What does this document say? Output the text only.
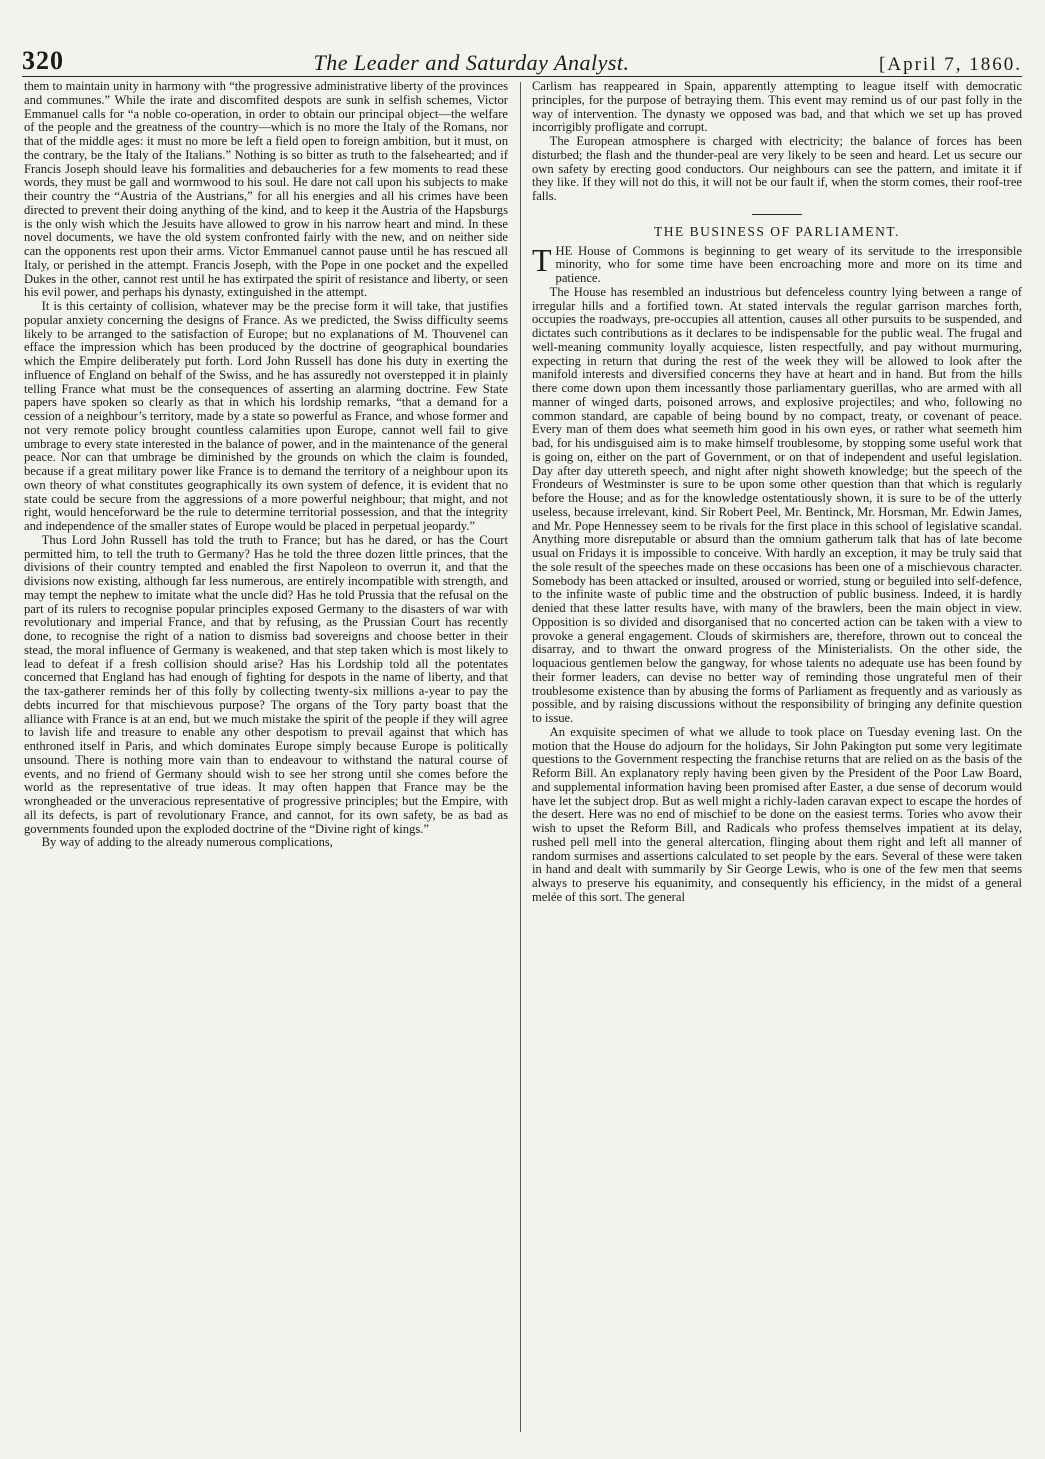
320	The Leader and Saturday Analyst.	[April 7, 1860.

them to maintain unity in harmony with “the progressive administrative liberty of the provinces and communes.” While the irate and discomfited despots are sunk in selfish schemes, Victor Emmanuel calls for “a noble co-operation, in order to obtain our principal object—the welfare of the people and the greatness of the country—which is no more the Italy of the Romans, nor that of the middle ages: it must no more be left a field open to foreign ambition, but it must, on the contrary, be the Italy of the Italians.” Nothing is so bitter as truth to the falsehearted; and if Francis Joseph should leave his formalities and debaucheries for a few moments to read these words, they must be gall and wormwood to his soul. He dare not call upon his subjects to make their country the “Austria of the Austrians,” for all his energies and all his crimes have been directed to prevent their doing anything of the kind, and to keep it the Austria of the Hapsburgs is the only wish which the Jesuits have allowed to grow in his narrow heart and mind. In these novel documents, we have the old system confronted fairly with the new, and on neither side can the opponents rest upon their arms. Victor Emmanuel cannot pause until he has rescued all Italy, or perished in the attempt. Francis Joseph, with the Pope in one pocket and the expelled Dukes in the other, cannot rest until he has extirpated the spirit of resistance and liberty, or seen his evil power, and perhaps his dynasty, extinguished in the attempt.

It is this certainty of collision, whatever may be the precise form it will take, that justifies popular anxiety concerning the designs of France. As we predicted, the Swiss difficulty seems likely to be arranged to the satisfaction of Europe; but no explanations of M. Thouvenel can efface the impression which has been produced by the doctrine of geographical boundaries which the Empire deliberately put forth. Lord John Russell has done his duty in exerting the influence of England on behalf of the Swiss, and he has assuredly not overstepped it in plainly telling France what must be the consequences of asserting an alarming doctrine. Few State papers have spoken so clearly as that in which his lordship remarks, “that a demand for a cession of a neighbour’s territory, made by a state so powerful as France, and whose former and not very remote policy brought countless calamities upon Europe, cannot well fail to give umbrage to every state interested in the balance of power, and in the maintenance of the general peace. Nor can that umbrage be diminished by the grounds on which the claim is founded, because if a great military power like France is to demand the territory of a neighbour upon its own theory of what constitutes geographically its own system of defence, it is evident that no state could be secure from the aggressions of a more powerful neighbour; that might, and not right, would henceforward be the rule to determine territorial possession, and that the integrity and independence of the smaller states of Europe would be placed in perpetual jeopardy.”

Thus Lord John Russell has told the truth to France; but has he dared, or has the Court permitted him, to tell the truth to Germany? Has he told the three dozen little princes, that the divisions of their country tempted and enabled the first Napoleon to overrun it, and that the divisions now existing, although far less numerous, are entirely incompatible with strength, and may tempt the nephew to imitate what the uncle did? Has he told Prussia that the refusal on the part of its rulers to recognise popular principles exposed Germany to the disasters of war with revolutionary and imperial France, and that by refusing, as the Prussian Court has recently done, to recognise the right of a nation to dismiss bad sovereigns and choose better in their stead, the moral influence of Germany is weakened, and that step taken which is most likely to lead to defeat if a fresh collision should arise? Has his Lordship told all the potentates concerned that England has had enough of fighting for despots in the name of liberty, and that the tax-gatherer reminds her of this folly by collecting twenty-six millions a-year to pay the debts incurred for that mischievous purpose? The organs of the Tory party boast that the alliance with France is at an end, but we much mistake the spirit of the people if they will agree to lavish life and treasure to enable any other despotism to prevail against that which has enthroned itself in Paris, and which dominates Europe simply because Europe is politically unsound. There is nothing more vain than to endeavour to withstand the natural course of events, and no friend of Germany should wish to see her strong until she comes before the world as the representative of true ideas. It may often happen that France may be the wrongheaded or the unveracious representative of progressive principles; but the Empire, with all its defects, is part of revolutionary France, and cannot, for its own safety, be as bad as governments founded upon the exploded doctrine of the “Divine right of kings.”

By way of adding to the already numerous complications,

Carlism has reappeared in Spain, apparently attempting to league itself with democratic principles, for the purpose of betraying them. This event may remind us of our past folly in the way of intervention. The dynasty we opposed was bad, and that which we set up has proved incorrigibly profligate and corrupt.

The European atmosphere is charged with electricity; the balance of forces has been disturbed; the flash and the thunder-peal are very likely to be seen and heard. Let us secure our own safety by erecting good conductors. Our neighbours can see the pattern, and imitate it if they like. If they will not do this, it will not be our fault if, when the storm comes, their roof-tree falls.

THE BUSINESS OF PARLIAMENT.

THE House of Commons is beginning to get weary of its servitude to the irresponsible minority, who for some time have been encroaching more and more on its time and patience.

The House has resembled an industrious but defenceless country lying between a range of irregular hills and a fortified town. At stated intervals the regular garrison marches forth, occupies the roadways, pre-occupies all attention, causes all other pursuits to be suspended, and dictates such contributions as it declares to be indispensable for the public weal. The frugal and well-meaning community loyally acquiesce, listen respectfully, and pay without murmuring, expecting in return that during the rest of the week they will be allowed to look after the manifold interests and diversified concerns they have at heart and in hand. But from the hills there come down upon them incessantly those parliamentary guerillas, who are armed with all manner of winged darts, poisoned arrows, and explosive projectiles; and who, following no common standard, are capable of being bound by no compact, treaty, or covenant of peace. Every man of them does what seemeth him good in his own eyes, or rather what seemeth him bad, for his undisguised aim is to make himself troublesome, by stopping some useful work that is going on, either on the part of Government, or on that of independent and useful legislation. Day after day uttereth speech, and night after night showeth knowledge; but the speech of the Frondeurs of Westminster is sure to be upon some other question than that which is regularly before the House; and as for the knowledge ostentatiously shown, it is sure to be of the utterly useless, because irrelevant, kind. Sir Robert Peel, Mr. Bentinck, Mr. Horsman, Mr. Edwin James, and Mr. Pope Hennessey seem to be rivals for the first place in this school of legislative scandal. Anything more disreputable or absurd than the omnium gatherum talk that has of late become usual on Fridays it is impossible to conceive. With hardly an exception, it may be truly said that the sole result of the speeches made on these occasions has been one of a mischievous character. Somebody has been attacked or insulted, aroused or worried, stung or beguiled into self-defence, to the infinite waste of public time and the obstruction of public business. Indeed, it is hardly denied that these latter results have, with many of the brawlers, been the main object in view. Opposition is so divided and disorganised that no concerted action can be taken with a view to provoke a general engagement. Clouds of skirmishers are, therefore, thrown out to conceal the disarray, and to thwart the onward progress of the Ministerialists. On the other side, the loquacious gentlemen below the gangway, for whose talents no adequate use has been found by their former leaders, can devise no better way of reminding those ungrateful men of their troublesome existence than by abusing the forms of Parliament as frequently and as variously as possible, and by raising discussions without the responsibility of bringing any definite question to issue.

An exquisite specimen of what we allude to took place on Tuesday evening last. On the motion that the House do adjourn for the holidays, Sir John Pakington put some very legitimate questions to the Government respecting the franchise returns that are relied on as the basis of the Reform Bill. An explanatory reply having been given by the President of the Poor Law Board, and supplemental information having been promised after Easter, a due sense of decorum would have let the subject drop. But as well might a richly-laden caravan expect to escape the hordes of the desert. Here was no end of mischief to be done on the easiest terms. Tories who avow their wish to upset the Reform Bill, and Radicals who profess themselves impatient at its delay, rushed pell mell into the general altercation, flinging about them right and left all manner of random surmises and assertions calculated to set people by the ears. Several of these were taken in hand and dealt with summarily by Sir George Lewis, who is one of the few men that seems always to preserve his equanimity, and consequently his efficiency, in the midst of a general melée of this sort. The general
